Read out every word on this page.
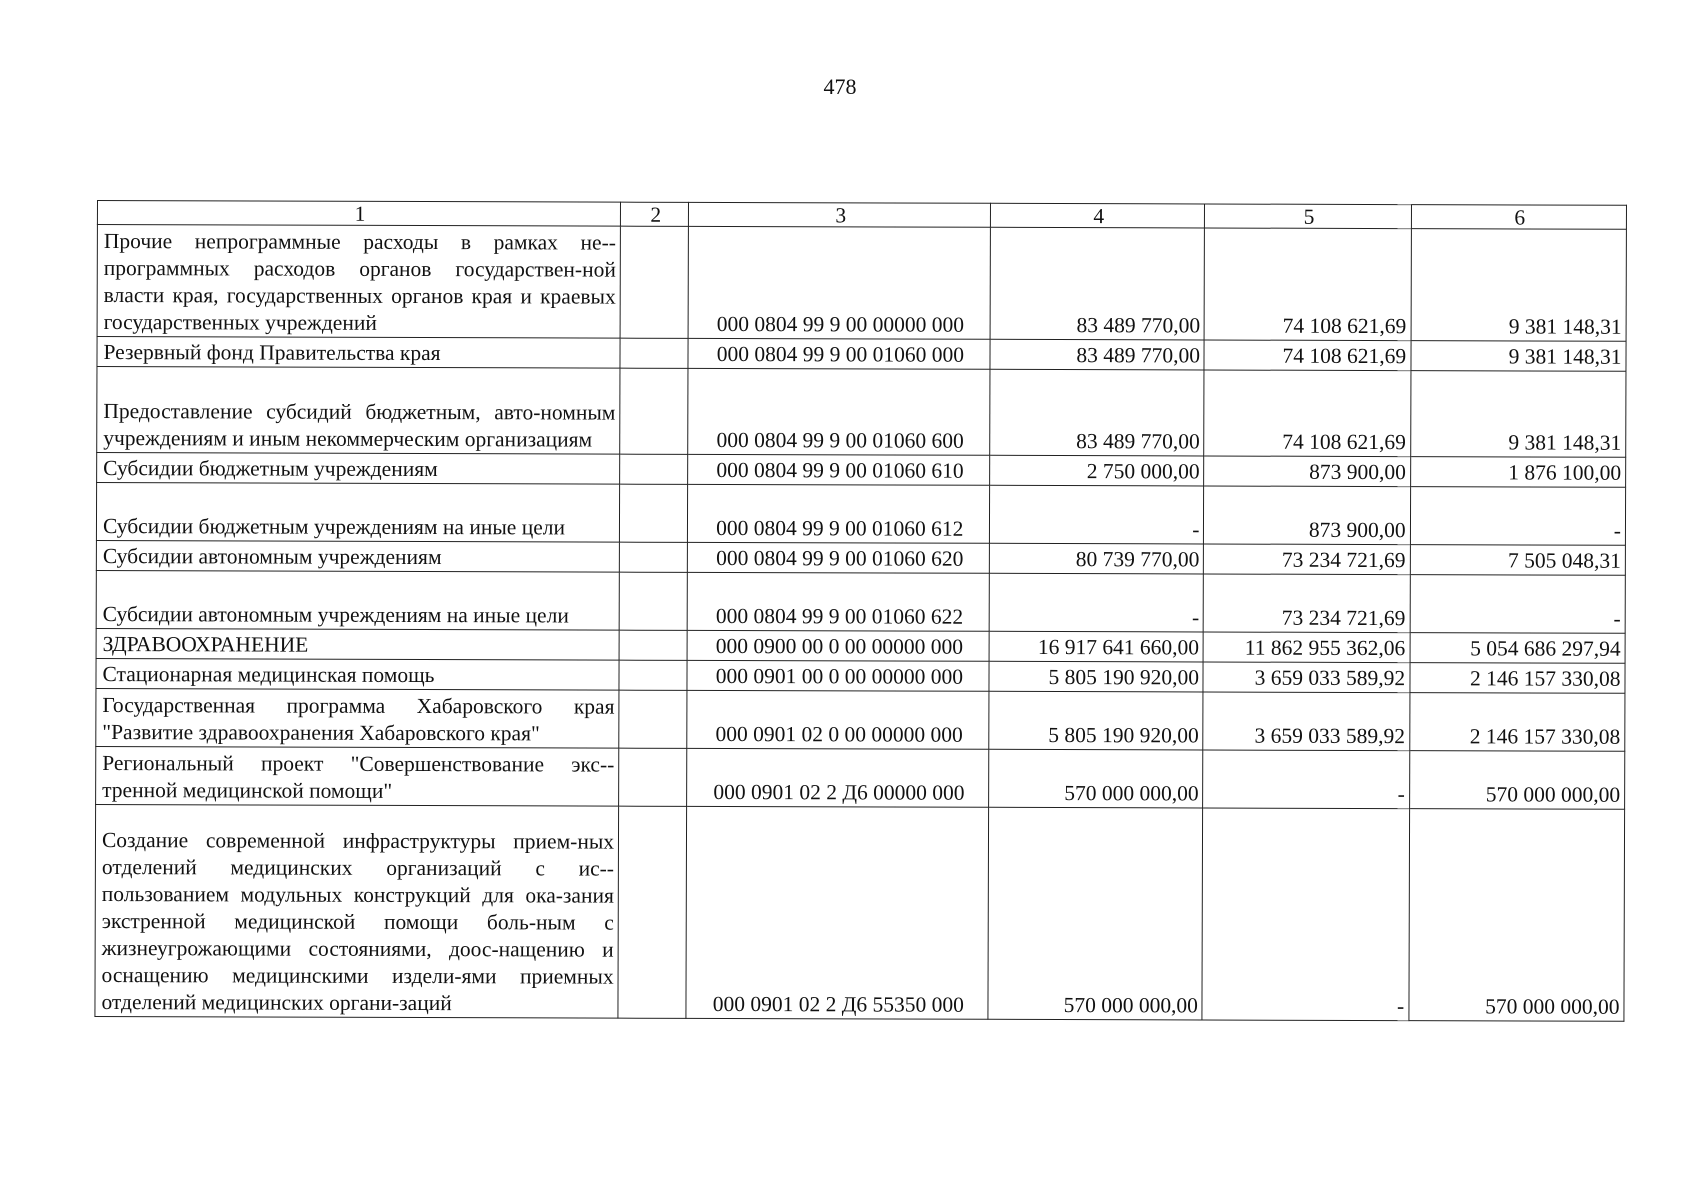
478
1	2	3	4	5	6
Прочие непрограммные расходы в рамках не-программных расходов органов государствен-ной власти края, государственных органов края и краевых государственных учреждений		000 0804 99 9 00 00000 000	83 489 770,00	74 108 621,69	9 381 148,31
Резервный фонд Правительства края		000 0804 99 9 00 01060 000	83 489 770,00	74 108 621,69	9 381 148,31
Предоставление субсидий бюджетным, авто-номным учреждениям и иным некоммерческим организациям		000 0804 99 9 00 01060 600	83 489 770,00	74 108 621,69	9 381 148,31
Субсидии бюджетным учреждениям		000 0804 99 9 00 01060 610	2 750 000,00	873 900,00	1 876 100,00
Субсидии бюджетным учреждениям на иные цели		000 0804 99 9 00 01060 612	-	873 900,00	-
Субсидии автономным учреждениям		000 0804 99 9 00 01060 620	80 739 770,00	73 234 721,69	7 505 048,31
Субсидии автономным учреждениям на иные цели		000 0804 99 9 00 01060 622	-	73 234 721,69	-
ЗДРАВООХРАНЕНИЕ		000 0900 00 0 00 00000 000	16 917 641 660,00	11 862 955 362,06	5 054 686 297,94
Стационарная медицинская помощь		000 0901 00 0 00 00000 000	5 805 190 920,00	3 659 033 589,92	2 146 157 330,08
Государственная программа Хабаровского края "Развитие здравоохранения Хабаровского края"		000 0901 02 0 00 00000 000	5 805 190 920,00	3 659 033 589,92	2 146 157 330,08
Региональный проект "Совершенствование экс-тренной медицинской помощи"		000 0901 02 2 Д6 00000 000	570 000 000,00	-	570 000 000,00
Создание современной инфраструктуры прием-ных отделений медицинских организаций с ис-пользованием модульных конструкций для ока-зания экстренной медицинской помощи боль-ным с жизнеугрожающими состояниями, доос-нащению и оснащению медицинскими издели-ями приемных отделений медицинских органи-заций		000 0901 02 2 Д6 55350 000	570 000 000,00	-	570 000 000,00
